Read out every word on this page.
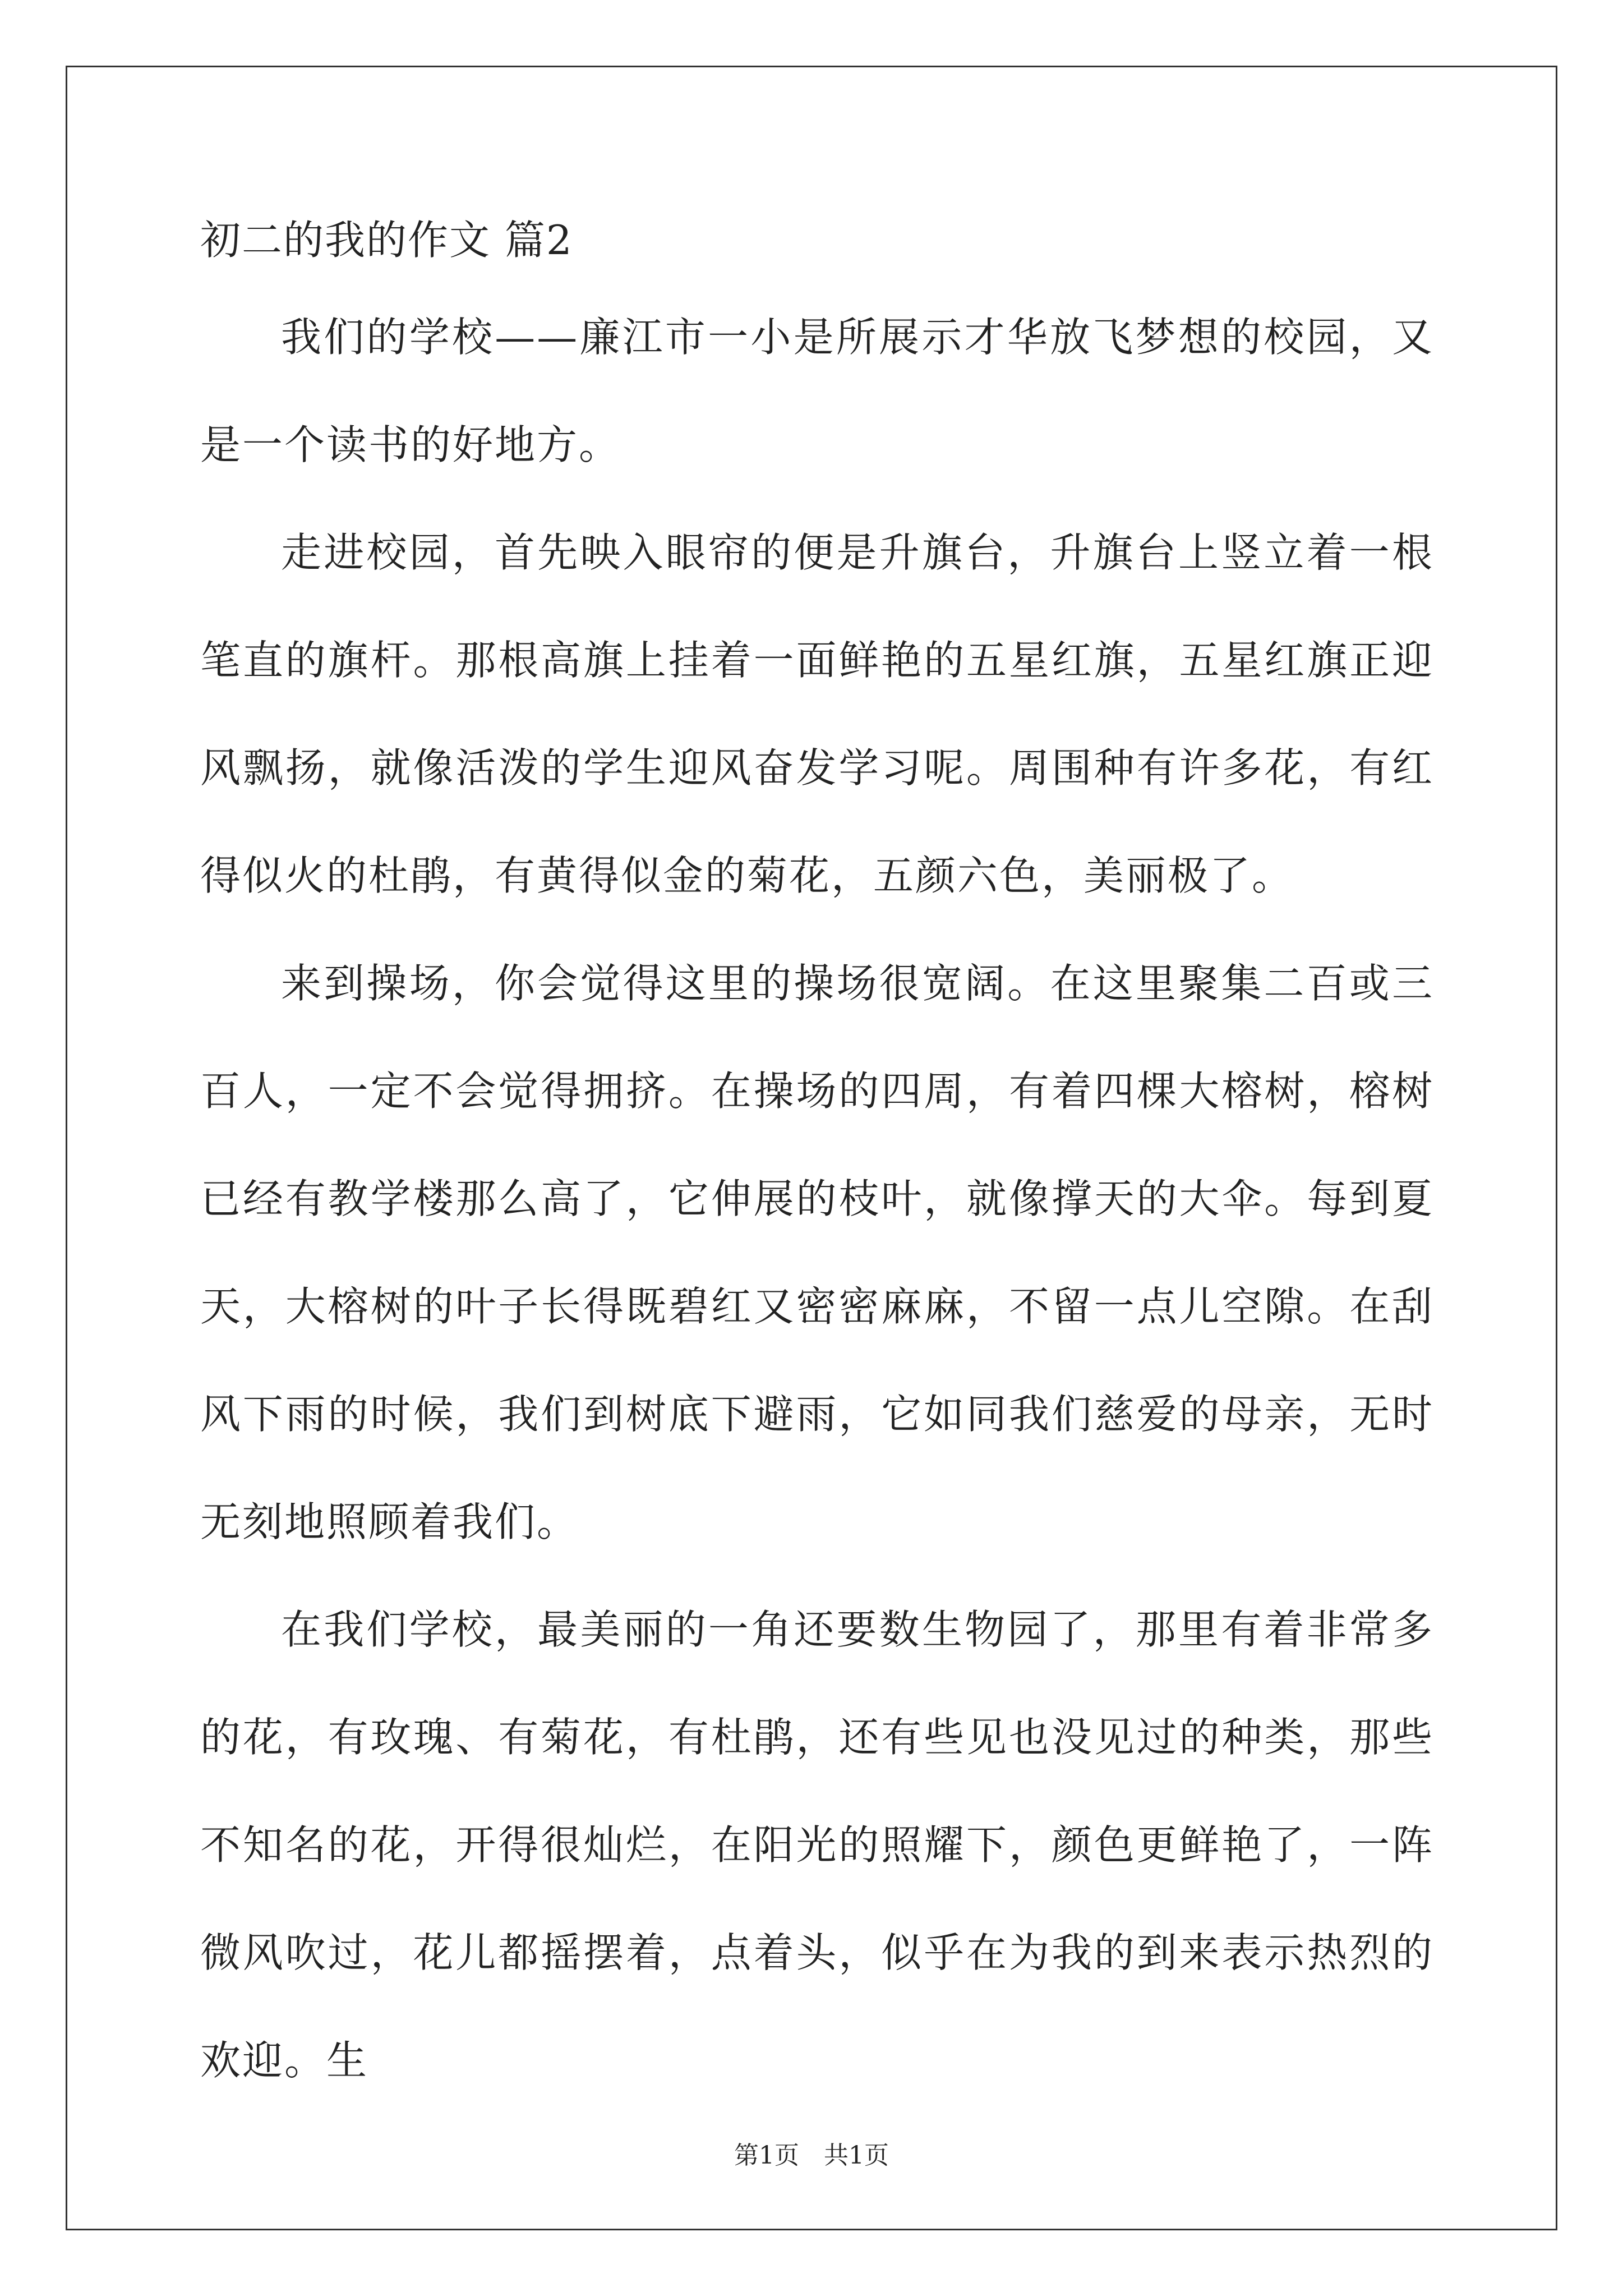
初二的我的作文 篇2

我们的学校——廉江市一小是所展示才华放飞梦想的校园，又是一个读书的好地方。

走进校园，首先映入眼帘的便是升旗台，升旗台上竖立着一根笔直的旗杆。那根高旗上挂着一面鲜艳的五星红旗，五星红旗正迎风飘扬，就像活泼的学生迎风奋发学习呢。周围种有许多花，有红得似火的杜鹃，有黄得似金的菊花，五颜六色，美丽极了。

来到操场，你会觉得这里的操场很宽阔。在这里聚集二百或三百人，一定不会觉得拥挤。在操场的四周，有着四棵大榕树，榕树已经有教学楼那么高了，它伸展的枝叶，就像撑天的大伞。每到夏天，大榕树的叶子长得既碧红又密密麻麻，不留一点儿空隙。在刮风下雨的时候，我们到树底下避雨，它如同我们慈爱的母亲，无时无刻地照顾着我们。

在我们学校，最美丽的一角还要数生物园了，那里有着非常多的花，有玫瑰、有菊花，有杜鹃，还有些见也没见过的种类，那些不知名的花，开得很灿烂，在阳光的照耀下，颜色更鲜艳了，一阵微风吹过，花儿都摇摆着，点着头，似乎在为我的到来表示热烈的欢迎。生

第1页　共1页
